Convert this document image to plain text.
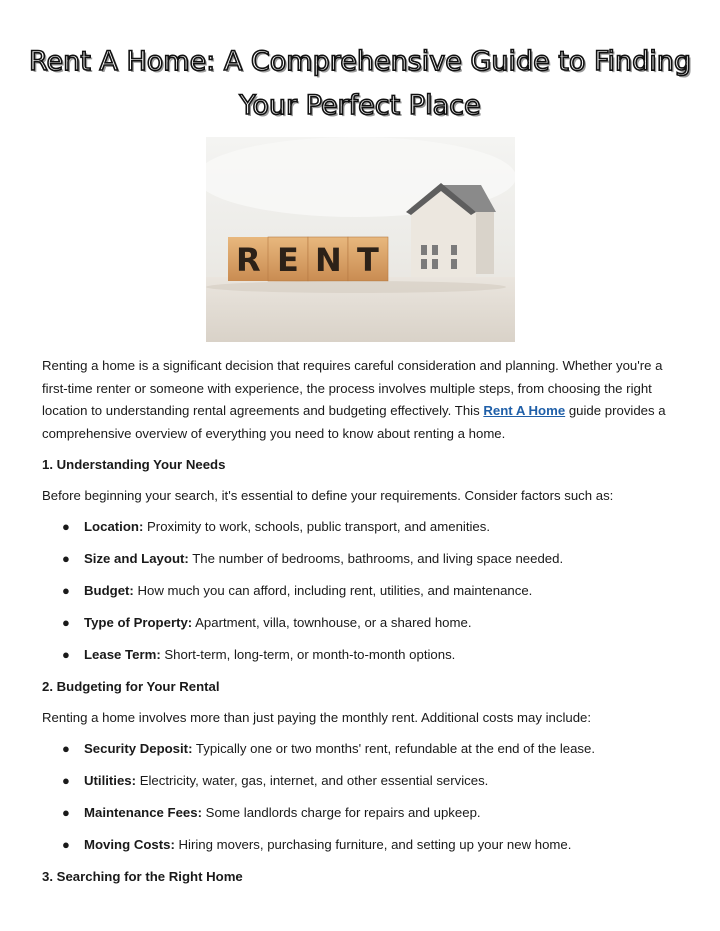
Rent A Home: A Comprehensive Guide to Finding Your Perfect Place
R E N T

Renting a home is a significant decision that requires careful consideration and planning. Whether you're a first-time renter or someone with experience, the process involves multiple steps, from choosing the right location to understanding rental agreements and budgeting effectively. This Rent A Home guide provides a comprehensive overview of everything you need to know about renting a home.

1. Understanding Your Needs

Before beginning your search, it's essential to define your requirements. Consider factors such as:

● Location: Proximity to work, schools, public transport, and amenities.
● Size and Layout: The number of bedrooms, bathrooms, and living space needed.
● Budget: How much you can afford, including rent, utilities, and maintenance.
● Type of Property: Apartment, villa, townhouse, or a shared home.
● Lease Term: Short-term, long-term, or month-to-month options.
2. Budgeting for Your Rental

Renting a home involves more than just paying the monthly rent. Additional costs may include:

● Security Deposit: Typically one or two months' rent, refundable at the end of the lease.
● Utilities: Electricity, water, gas, internet, and other essential services.
● Maintenance Fees: Some landlords charge for repairs and upkeep.
● Moving Costs: Hiring movers, purchasing furniture, and setting up your new home.
3. Searching for the Right Home
